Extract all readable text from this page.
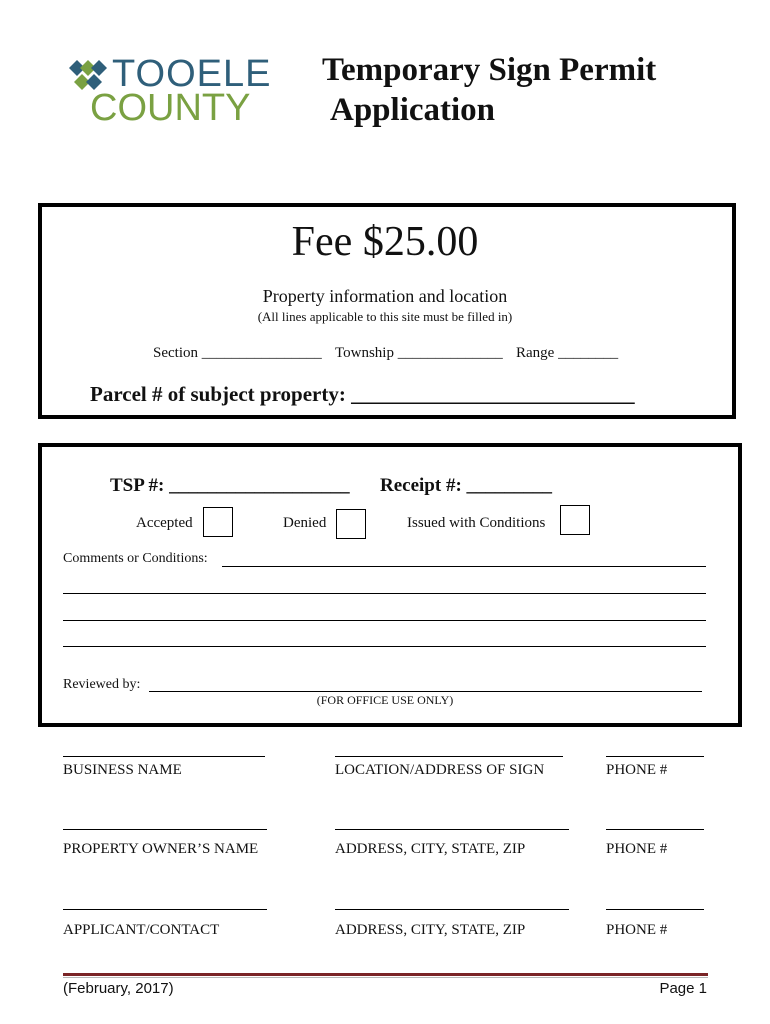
TOOELE
COUNTY
Temporary Sign Permit
Application
Fee $25.00
Property information and location
(All lines applicable to this site must be filled in)
Section ________________ Township ______________ Range ________
Parcel # of subject property: ___________________________
TSP #: ___________________ Receipt #: _________
Accepted	Denied	Issued with Conditions
Comments or Conditions:
Reviewed by:
(FOR OFFICE USE ONLY)
BUSINESS NAME	LOCATION/ADDRESS OF SIGN	PHONE #
PROPERTY OWNER’S NAME	ADDRESS, CITY, STATE, ZIP	PHONE #
APPLICANT/CONTACT	ADDRESS, CITY, STATE, ZIP	PHONE #
(February, 2017)	Page 1
